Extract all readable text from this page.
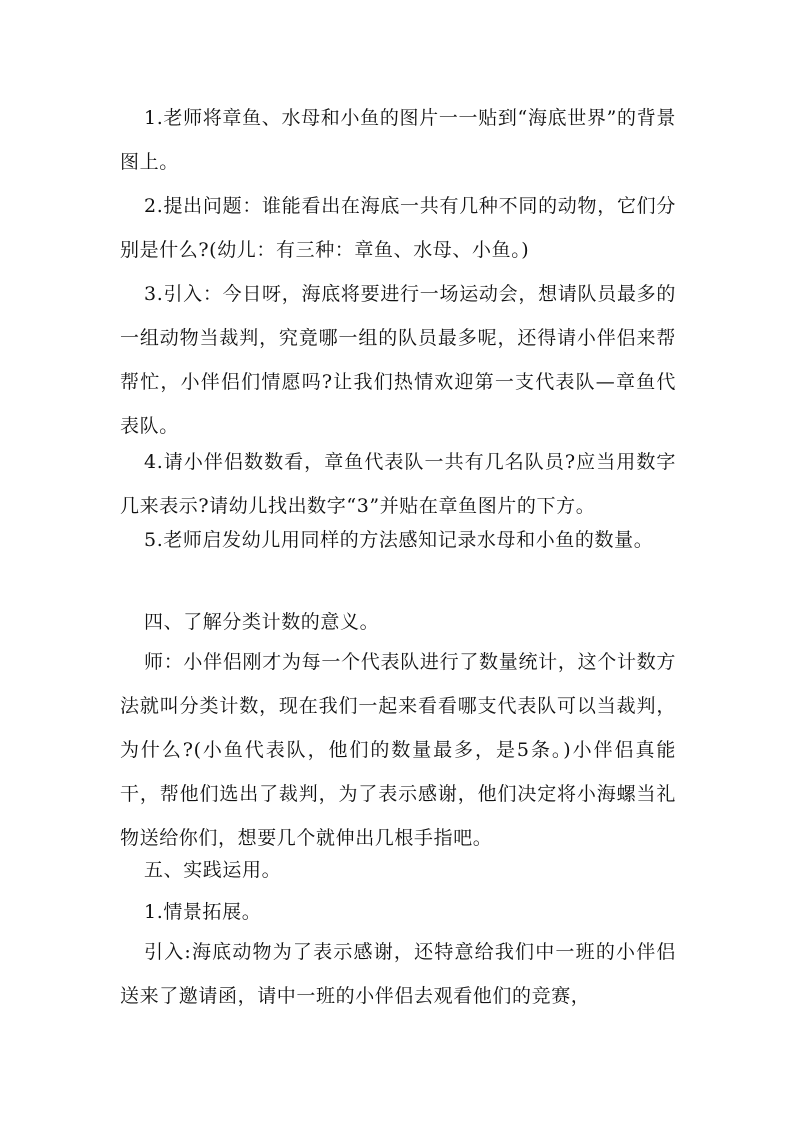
1.老师将章鱼、水母和小鱼的图片一一贴到“海底世界”的背景图上。

2.提出问题：谁能看出在海底一共有几种不同的动物，它们分别是什么?(幼儿：有三种：章鱼、水母、小鱼。)

3.引入：今日呀，海底将要进行一场运动会，想请队员最多的一组动物当裁判，究竟哪一组的队员最多呢，还得请小伴侣来帮帮忙，小伴侣们情愿吗?让我们热情欢迎第一支代表队—章鱼代表队。

4.请小伴侣数数看，章鱼代表队一共有几名队员?应当用数字几来表示?请幼儿找出数字“3”并贴在章鱼图片的下方。

5.老师启发幼儿用同样的方法感知记录水母和小鱼的数量。

四、了解分类计数的意义。

师：小伴侣刚才为每一个代表队进行了数量统计，这个计数方法就叫分类计数，现在我们一起来看看哪支代表队可以当裁判，为什么?(小鱼代表队，他们的数量最多，是5条。)小伴侣真能干，帮他们选出了裁判，为了表示感谢，他们决定将小海螺当礼物送给你们，想要几个就伸出几根手指吧。

五、实践运用。

1.情景拓展。

引入:海底动物为了表示感谢，还特意给我们中一班的小伴侣送来了邀请函，请中一班的小伴侣去观看他们的竞赛，
